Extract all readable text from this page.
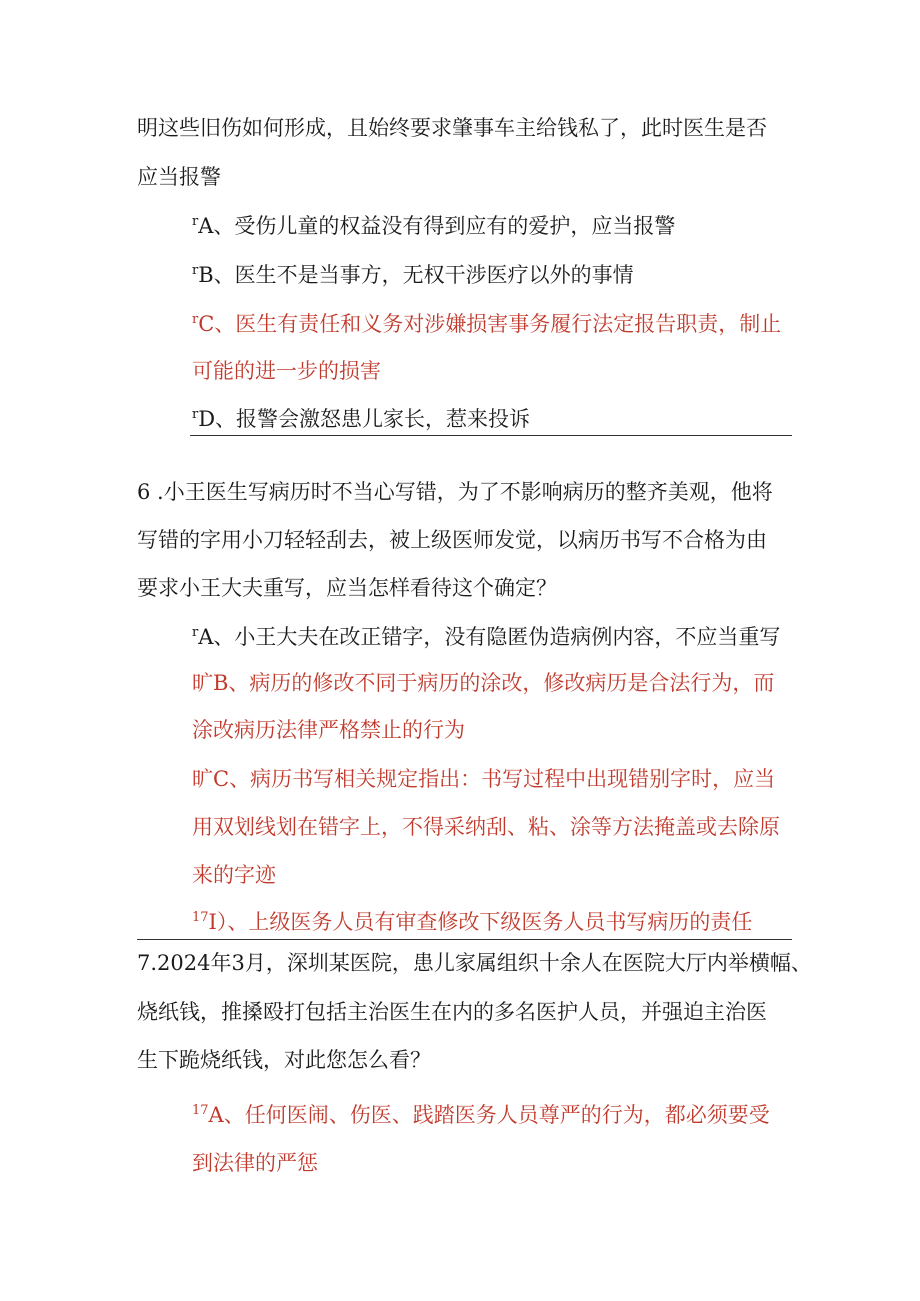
明这些旧伤如何形成，且始终要求肇事车主给钱私了，此时医生是否
应当报警
$^r$A、受伤儿童的权益没有得到应有的爱护，应当报警
$^r$B、医生不是当事方，无权干涉医疗以外的事情
$^r$C、医生有责任和义务对涉嫌损害事务履行法定报告职责，制止
可能的进一步的损害
$^r$D、报警会激怒患儿家长，惹来投诉
6 .小王医生写病历时不当心写错，为了不影响病历的整齐美观，他将
写错的字用小刀轻轻刮去，被上级医师发觉，以病历书写不合格为由
要求小王大夫重写，应当怎样看待这个确定？
$^r$A、小王大夫在改正错字，没有隐匿伪造病例内容，不应当重写
旷B、病历的修改不同于病历的涂改，修改病历是合法行为，而
涂改病历法律严格禁止的行为
旷C、病历书写相关规定指出：书写过程中出现错别字时，应当
用双划线划在错字上，不得采纳刮、粘、涂等方法掩盖或去除原
来的字迹
$^{17}$I）、上级医务人员有审查修改下级医务人员书写病历的责任
7.2024年3月，深圳某医院，患儿家属组织十余人在医院大厅内举横幅、
烧纸钱，推搡殴打包括主治医生在内的多名医护人员，并强迫主治医
生下跪烧纸钱，对此您怎么看？
$^{17}$A、任何医闹、伤医、践踏医务人员尊严的行为，都必须要受
到法律的严惩
